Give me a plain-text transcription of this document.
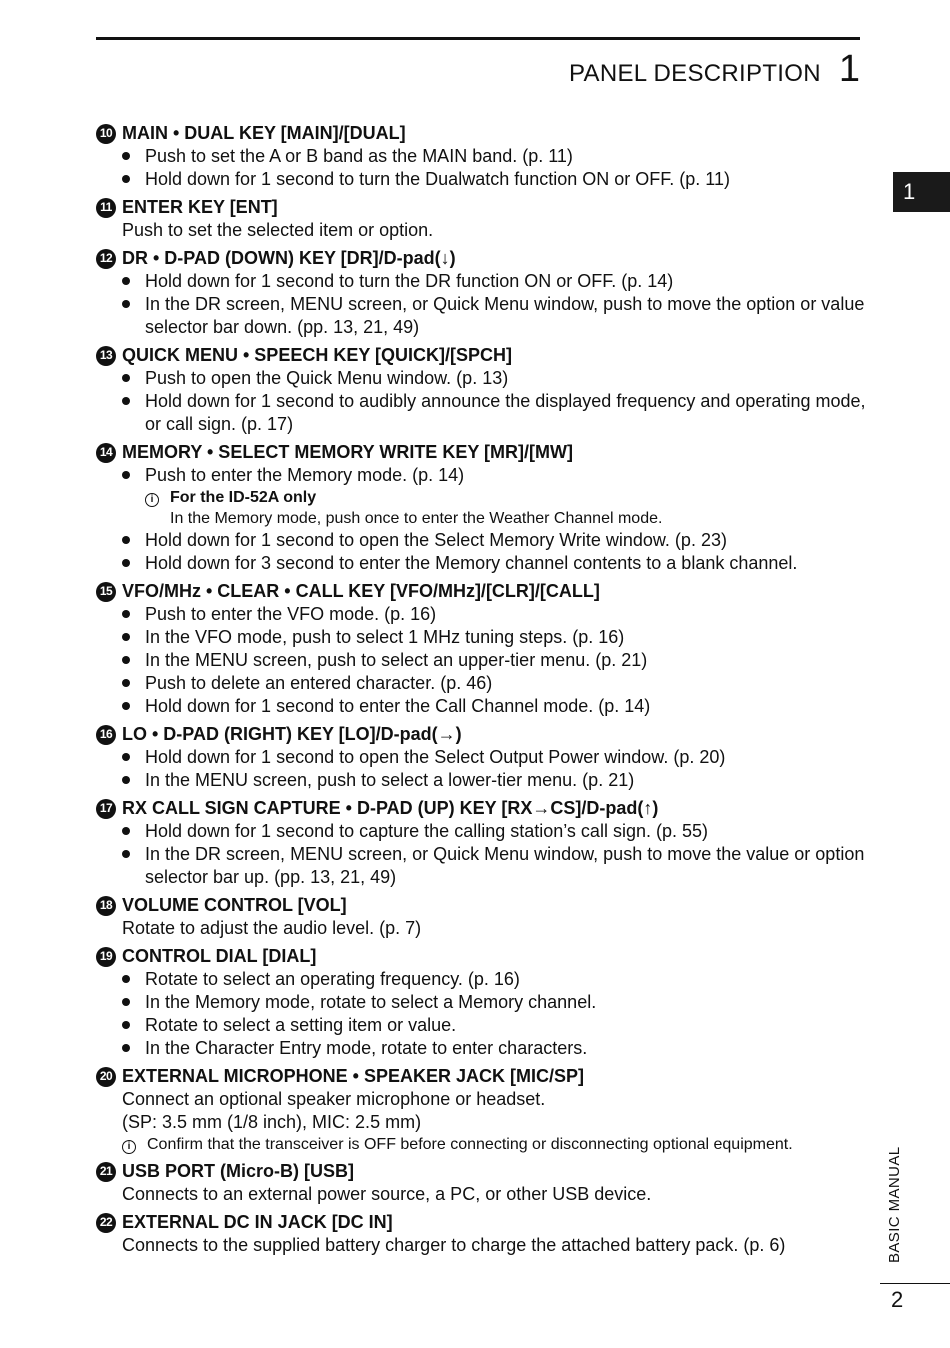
PANEL DESCRIPTION 1
1
10 MAIN • DUAL KEY [MAIN]/[DUAL]
Push to set the A or B band as the MAIN band. (p. 11)
Hold down for 1 second to turn the Dualwatch function ON or OFF. (p. 11)
11 ENTER KEY [ENT]
Push to set the selected item or option.
12 DR • D-PAD (DOWN) KEY [DR]/D-pad(↓)
Hold down for 1 second to turn the DR function ON or OFF. (p. 14)
In the DR screen, MENU screen, or Quick Menu window, push to move the option or value selector bar down. (pp. 13, 21, 49)
13 QUICK MENU • SPEECH KEY [QUICK]/[SPCH]
Push to open the Quick Menu window. (p. 13)
Hold down for 1 second to audibly announce the displayed frequency and operating mode, or call sign. (p. 17)
14 MEMORY • SELECT MEMORY WRITE KEY [MR]/[MW]
Push to enter the Memory mode. (p. 14)
i	For the ID-52A only
In the Memory mode, push once to enter the Weather Channel mode.
Hold down for 1 second to open the Select Memory Write window. (p. 23)
Hold down for 3 second to enter the Memory channel contents to a blank channel.
15 VFO/MHz • CLEAR • CALL KEY [VFO/MHz]/[CLR]/[CALL]
Push to enter the VFO mode. (p. 16)
In the VFO mode, push to select 1 MHz tuning steps. (p. 16)
In the MENU screen, push to select an upper-tier menu. (p. 21)
Push to delete an entered character. (p. 46)
Hold down for 1 second to enter the Call Channel mode. (p. 14)
16 LO • D-PAD (RIGHT) KEY [LO]/D-pad(→)
Hold down for 1 second to open the Select Output Power window. (p. 20)
In the MENU screen, push to select a lower-tier menu. (p. 21)
17 RX CALL SIGN CAPTURE • D-PAD (UP) KEY [RX→CS]/D-pad(↑)
Hold down for 1 second to capture the calling station’s call sign. (p. 55)
In the DR screen, MENU screen, or Quick Menu window, push to move the value or option selector bar up. (pp. 13, 21, 49)
18 VOLUME CONTROL [VOL]
Rotate to adjust the audio level. (p. 7)
19 CONTROL DIAL [DIAL]
Rotate to select an operating frequency. (p. 16)
In the Memory mode, rotate to select a Memory channel.
Rotate to select a setting item or value.
In the Character Entry mode, rotate to enter characters.
20 EXTERNAL MICROPHONE • SPEAKER JACK [MIC/SP]
Connect an optional speaker microphone or headset.
(SP: 3.5 mm (1/8 inch), MIC: 2.5 mm)
i	Confirm that the transceiver is OFF before connecting or disconnecting optional equipment.
21 USB PORT (Micro-B) [USB]
Connects to an external power source, a PC, or other USB device.
22 EXTERNAL DC IN JACK [DC IN]
Connects to the supplied battery charger to charge the attached battery pack. (p. 6)	BASIC MANUAL
2
